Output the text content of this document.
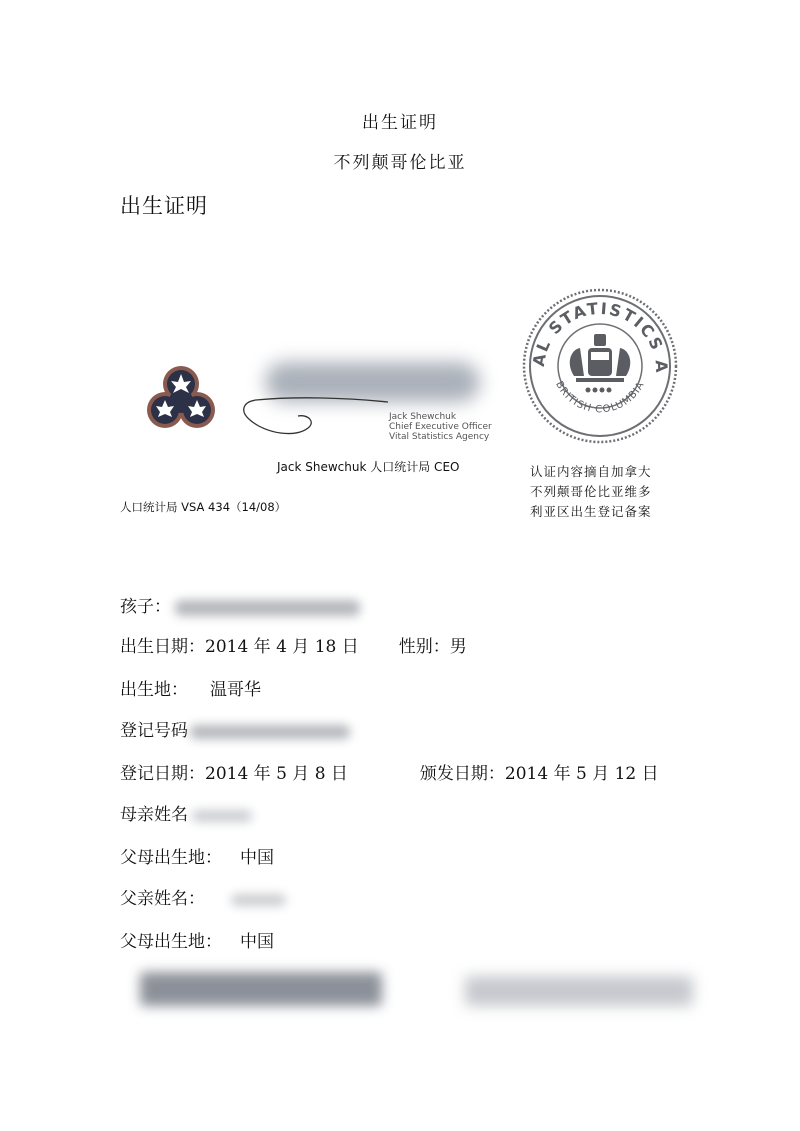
出生证明
不列颠哥伦比亚
出生证明
Jack Shewchuk
Chief Executive Officer
Vital Statistics Agency
Jack Shewchuk 人口统计局 CEO
AL STATISTICS A
BRITISH COLUMBIA
认证内容摘自加拿大
不列颠哥伦比亚维多
利亚区出生登记备案
人口统计局 VSA 434（14/08）
孩子：
出生日期：2014 年 4 月 18 日 性别：男
出生地： 温哥华
登记号码
登记日期：2014 年 5 月 8 日	颁发日期：2014 年 5 月 12 日
母亲姓名
父母出生地： 中国
父亲姓名：
父母出生地： 中国
